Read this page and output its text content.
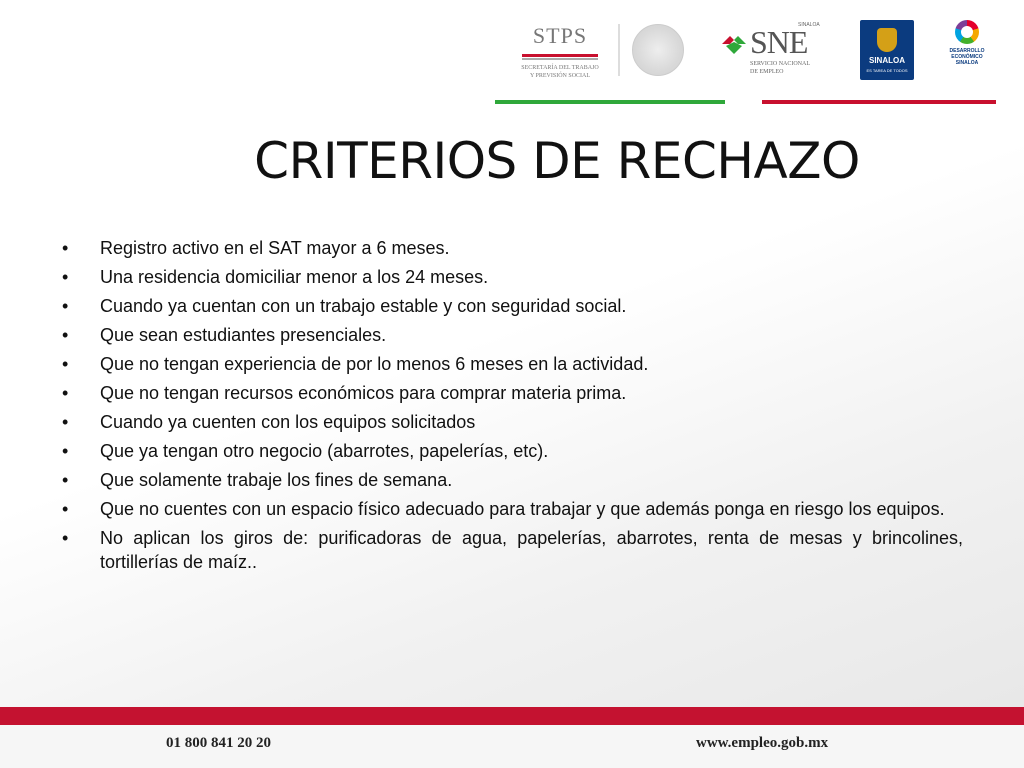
STPS
SECRETARÍA DEL TRABAJO
Y PREVISIÓN SOCIAL
SINALOA
SNE
SERVICIO NACIONAL
DE EMPLEO
SINALOA
ES TAREA DE TODOS
DESARROLLO
ECONÓMICO
SINALOA
CRITERIOS DE RECHAZO
• Registro activo en el SAT mayor a 6 meses.
• Una residencia domiciliar menor a los 24 meses.
• Cuando ya cuentan con un trabajo estable y con seguridad social.
• Que sean estudiantes presenciales.
• Que no tengan experiencia de por lo menos 6 meses en la actividad.
• Que no tengan recursos económicos para comprar materia prima.
• Cuando ya cuenten con los equipos solicitados
• Que ya tengan otro negocio (abarrotes, papelerías, etc).
• Que solamente trabaje los fines de semana.
• Que no cuentes con un espacio físico adecuado para trabajar y que además ponga en riesgo los equipos.
• No aplican los giros de: purificadoras de agua, papelerías, abarrotes, renta de mesas y brincolines, tortillerías de maíz..
01 800 841 20 20	www.empleo.gob.mx
